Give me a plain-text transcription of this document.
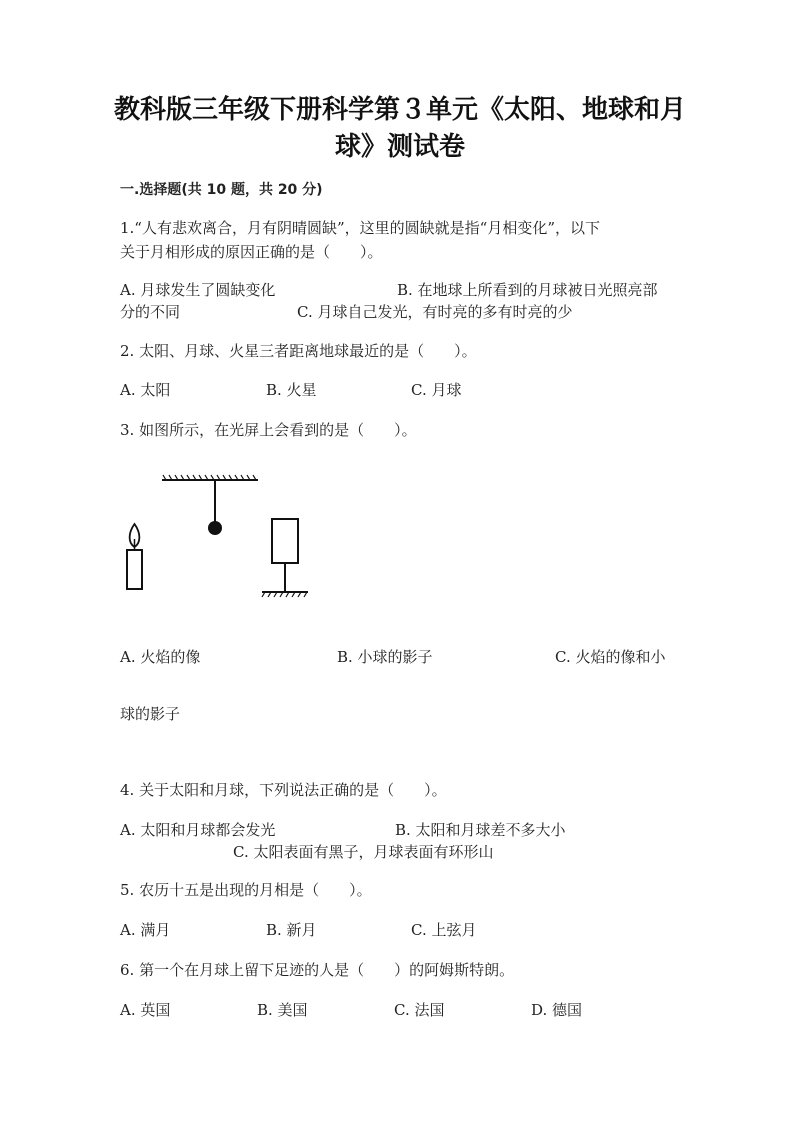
教科版三年级下册科学第３单元《太阳、地球和月
球》测试卷
一.选择题(共 10 题，共 20 分)
1.“人有悲欢离合，月有阴晴圆缺”，这里的圆缺就是指“月相变化”，以下
关于月相形成的原因正确的是（　　）。
A. 月球发生了圆缺变化	B. 在地球上所看到的月球被日光照亮部
分的不同	C. 月球自己发光，有时亮的多有时亮的少
2. 太阳、月球、火星三者距离地球最近的是（　　）。
A. 太阳	B. 火星	C. 月球
3. 如图所示，在光屏上会看到的是（　　）。
A. 火焰的像	B. 小球的影子	C. 火焰的像和小
球的影子
4. 关于太阳和月球，下列说法正确的是（　　）。
A. 太阳和月球都会发光	B. 太阳和月球差不多大小
C. 太阳表面有黑子，月球表面有环形山
5. 农历十五是出现的月相是（　　）。
A. 满月	B. 新月	C. 上弦月
6. 第一个在月球上留下足迹的人是（　　）的阿姆斯特朗。
A. 英国	B. 美国	C. 法国	D. 德国
